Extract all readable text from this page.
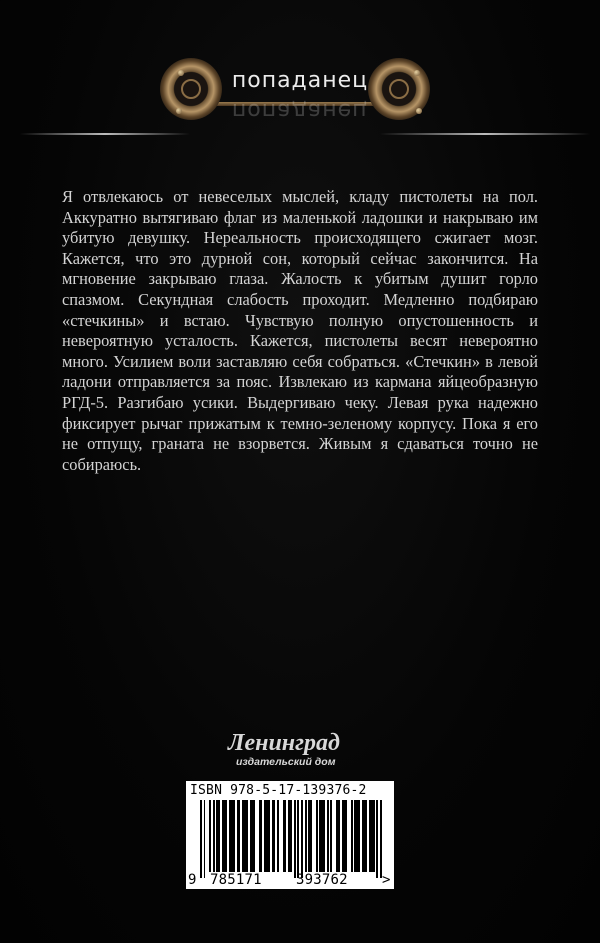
попаданец
попаданец

Я отвлекаюсь от невеселых мыслей, кладу пистолеты на пол. Аккуратно вытягиваю флаг из маленькой ладошки и накрываю им убитую девушку. Нереальность происходящего сжигает мозг. Кажется, что это дурной сон, который сейчас закончится. На мгновение закрываю глаза. Жалость к убитым душит горло спазмом. Секундная слабость проходит. Медленно подбираю «стечкины» и встаю. Чувствую полную опустошенность и невероятную усталость. Кажется, пистолеты весят невероятно много. Усилием воли заставляю себя собраться. «Стечкин» в левой ладони отправляется за пояс. Извлекаю из кармана яйцеобразную РГД-5. Разгибаю усики. Выдергиваю чеку. Левая рука надежно фиксирует рычаг прижатым к темно-зеленому корпусу. Пока я его не отпущу, граната не взорвется. Живым я сдаваться точно не собираюсь.

Ленинград
издательский дом
ISBN 978-5-17-139376-2
9 785171 393762 >
